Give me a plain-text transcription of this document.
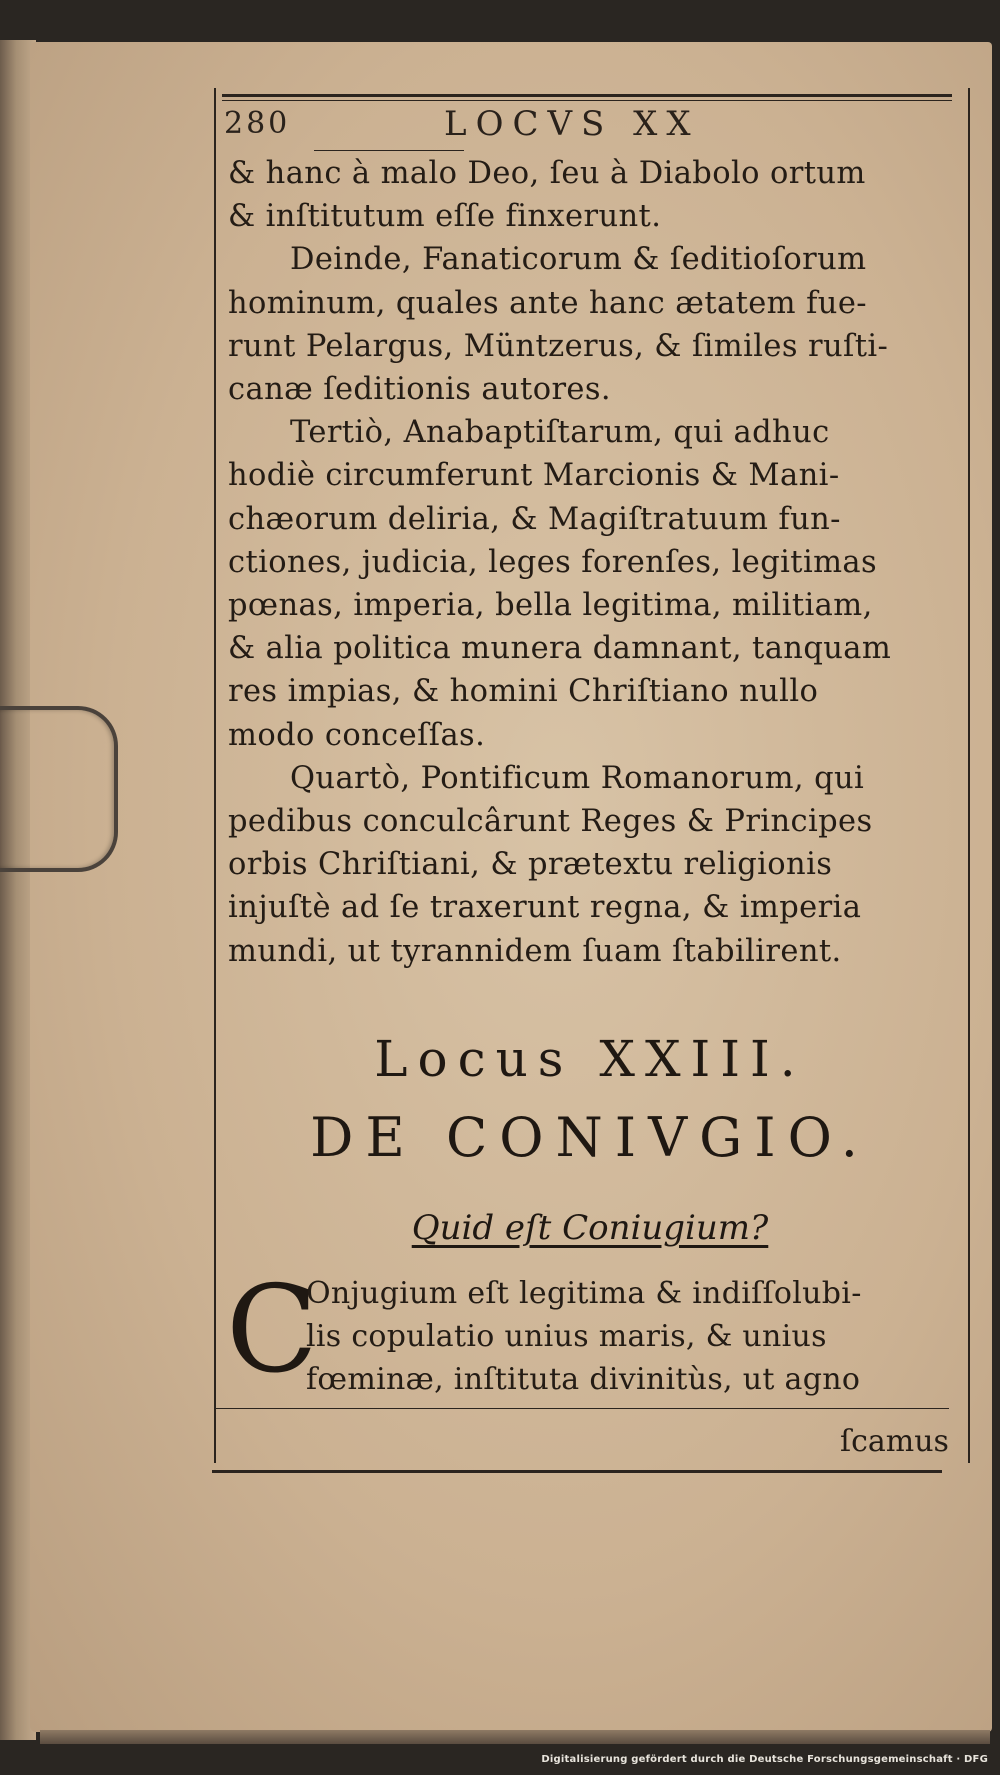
280	LOCVS XX
& hanc à malo Deo, ſeu à Diabolo ortum
& inſtitutum eſſe finxerunt.
Deinde, Fanaticorum & ſeditioſorum
hominum, quales ante hanc ætatem fue-
runt Pelargus, Müntzerus, & ſimiles ruſti-
canæ ſeditionis autores.
Tertiò, Anabaptiſtarum, qui adhuc
hodiè circumferunt Marcionis & Mani-
chæorum deliria, & Magiſtratuum fun-
ctiones, judicia, leges forenſes, legitimas
pœnas, imperia, bella legitima, militiam,
& alia politica munera damnant, tanquam
res impias, & homini Chriſtiano nullo
modo conceſſas.
Quartò, Pontificum Romanorum, qui
pedibus conculcârunt Reges & Principes
orbis Chriſtiani, & prætextu religionis
injuſtè ad ſe traxerunt regna, & imperia
mundi, ut tyrannidem ſuam ſtabilirent.
Locus XXIII.
DE CONIVGIO.
Quid eſt Coniugium?
C
Onjugium eſt legitima & indiſſolubi-
lis copulatio unius maris, & unius
fœminæ, inſtituta divinitùs, ut agno
ſcamus
Digitalisierung gefördert durch die Deutsche Forschungsgemeinschaft · DFG
